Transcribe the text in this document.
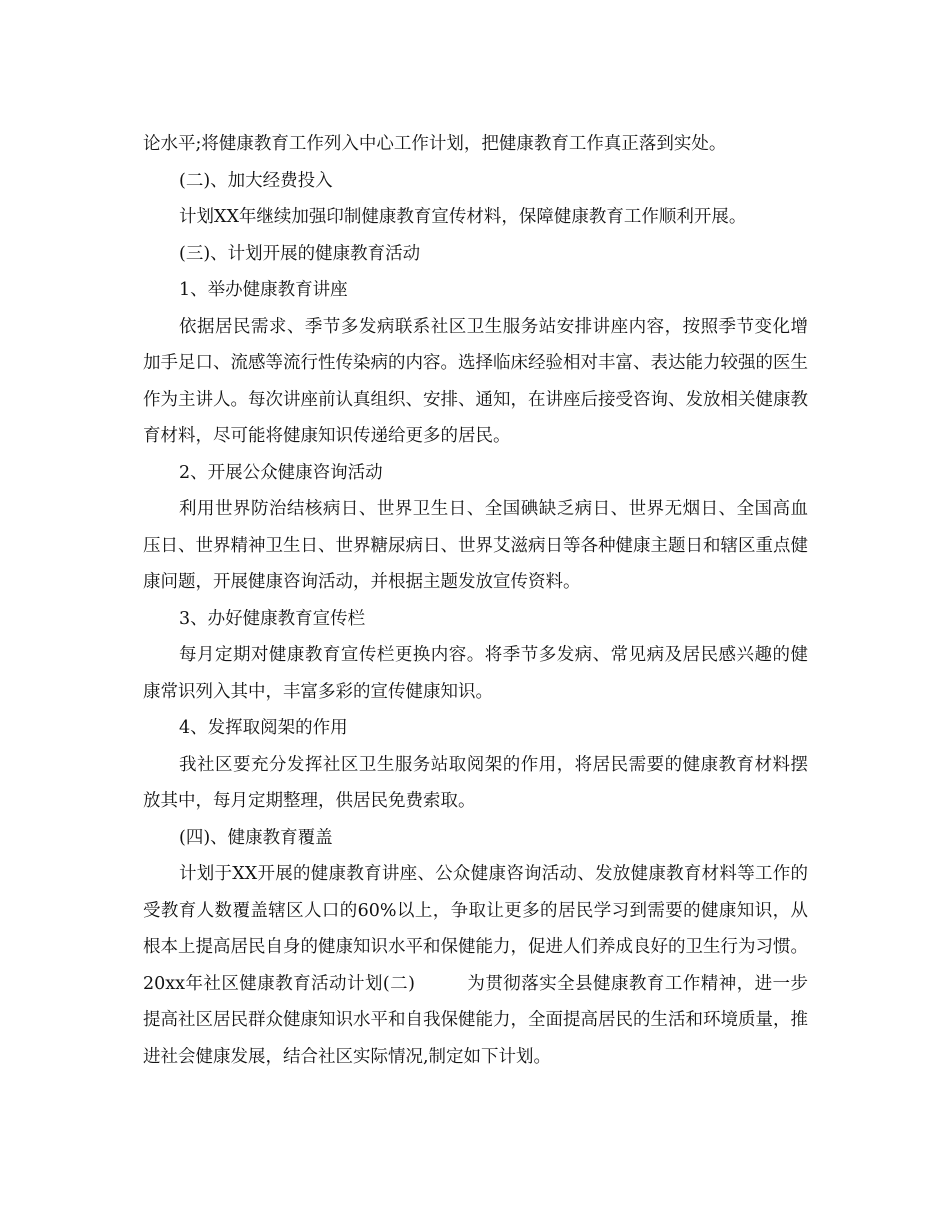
论水平;将健康教育工作列入中心工作计划，把健康教育工作真正落到实处。

(二)、加大经费投入

计划XX年继续加强印制健康教育宣传材料，保障健康教育工作顺利开展。

(三)、计划开展的健康教育活动

1、举办健康教育讲座

依据居民需求、季节多发病联系社区卫生服务站安排讲座内容，按照季节变化增加手足口、流感等流行性传染病的内容。选择临床经验相对丰富、表达能力较强的医生作为主讲人。每次讲座前认真组织、安排、通知，在讲座后接受咨询、发放相关健康教育材料，尽可能将健康知识传递给更多的居民。

2、开展公众健康咨询活动

利用世界防治结核病日、世界卫生日、全国碘缺乏病日、世界无烟日、全国高血压日、世界精神卫生日、世界糖尿病日、世界艾滋病日等各种健康主题日和辖区重点健康问题，开展健康咨询活动，并根据主题发放宣传资料。

3、办好健康教育宣传栏

每月定期对健康教育宣传栏更换内容。将季节多发病、常见病及居民感兴趣的健康常识列入其中，丰富多彩的宣传健康知识。

4、发挥取阅架的作用

我社区要充分发挥社区卫生服务站取阅架的作用，将居民需要的健康教育材料摆放其中，每月定期整理，供居民免费索取。

(四)、健康教育覆盖

计划于XX开展的健康教育讲座、公众健康咨询活动、发放健康教育材料等工作的受教育人数覆盖辖区人口的60%以上，争取让更多的居民学习到需要的健康知识，从根本上提高居民自身的健康知识水平和保健能力，促进人们养成良好的卫生行为习惯。

20xx年社区健康教育活动计划(二)	为贯彻落实全县健康教育工作精神，进一步提高社区居民群众健康知识水平和自我保健能力，全面提高居民的生活和环境质量，推进社会健康发展，结合社区实际情况,制定如下计划。
